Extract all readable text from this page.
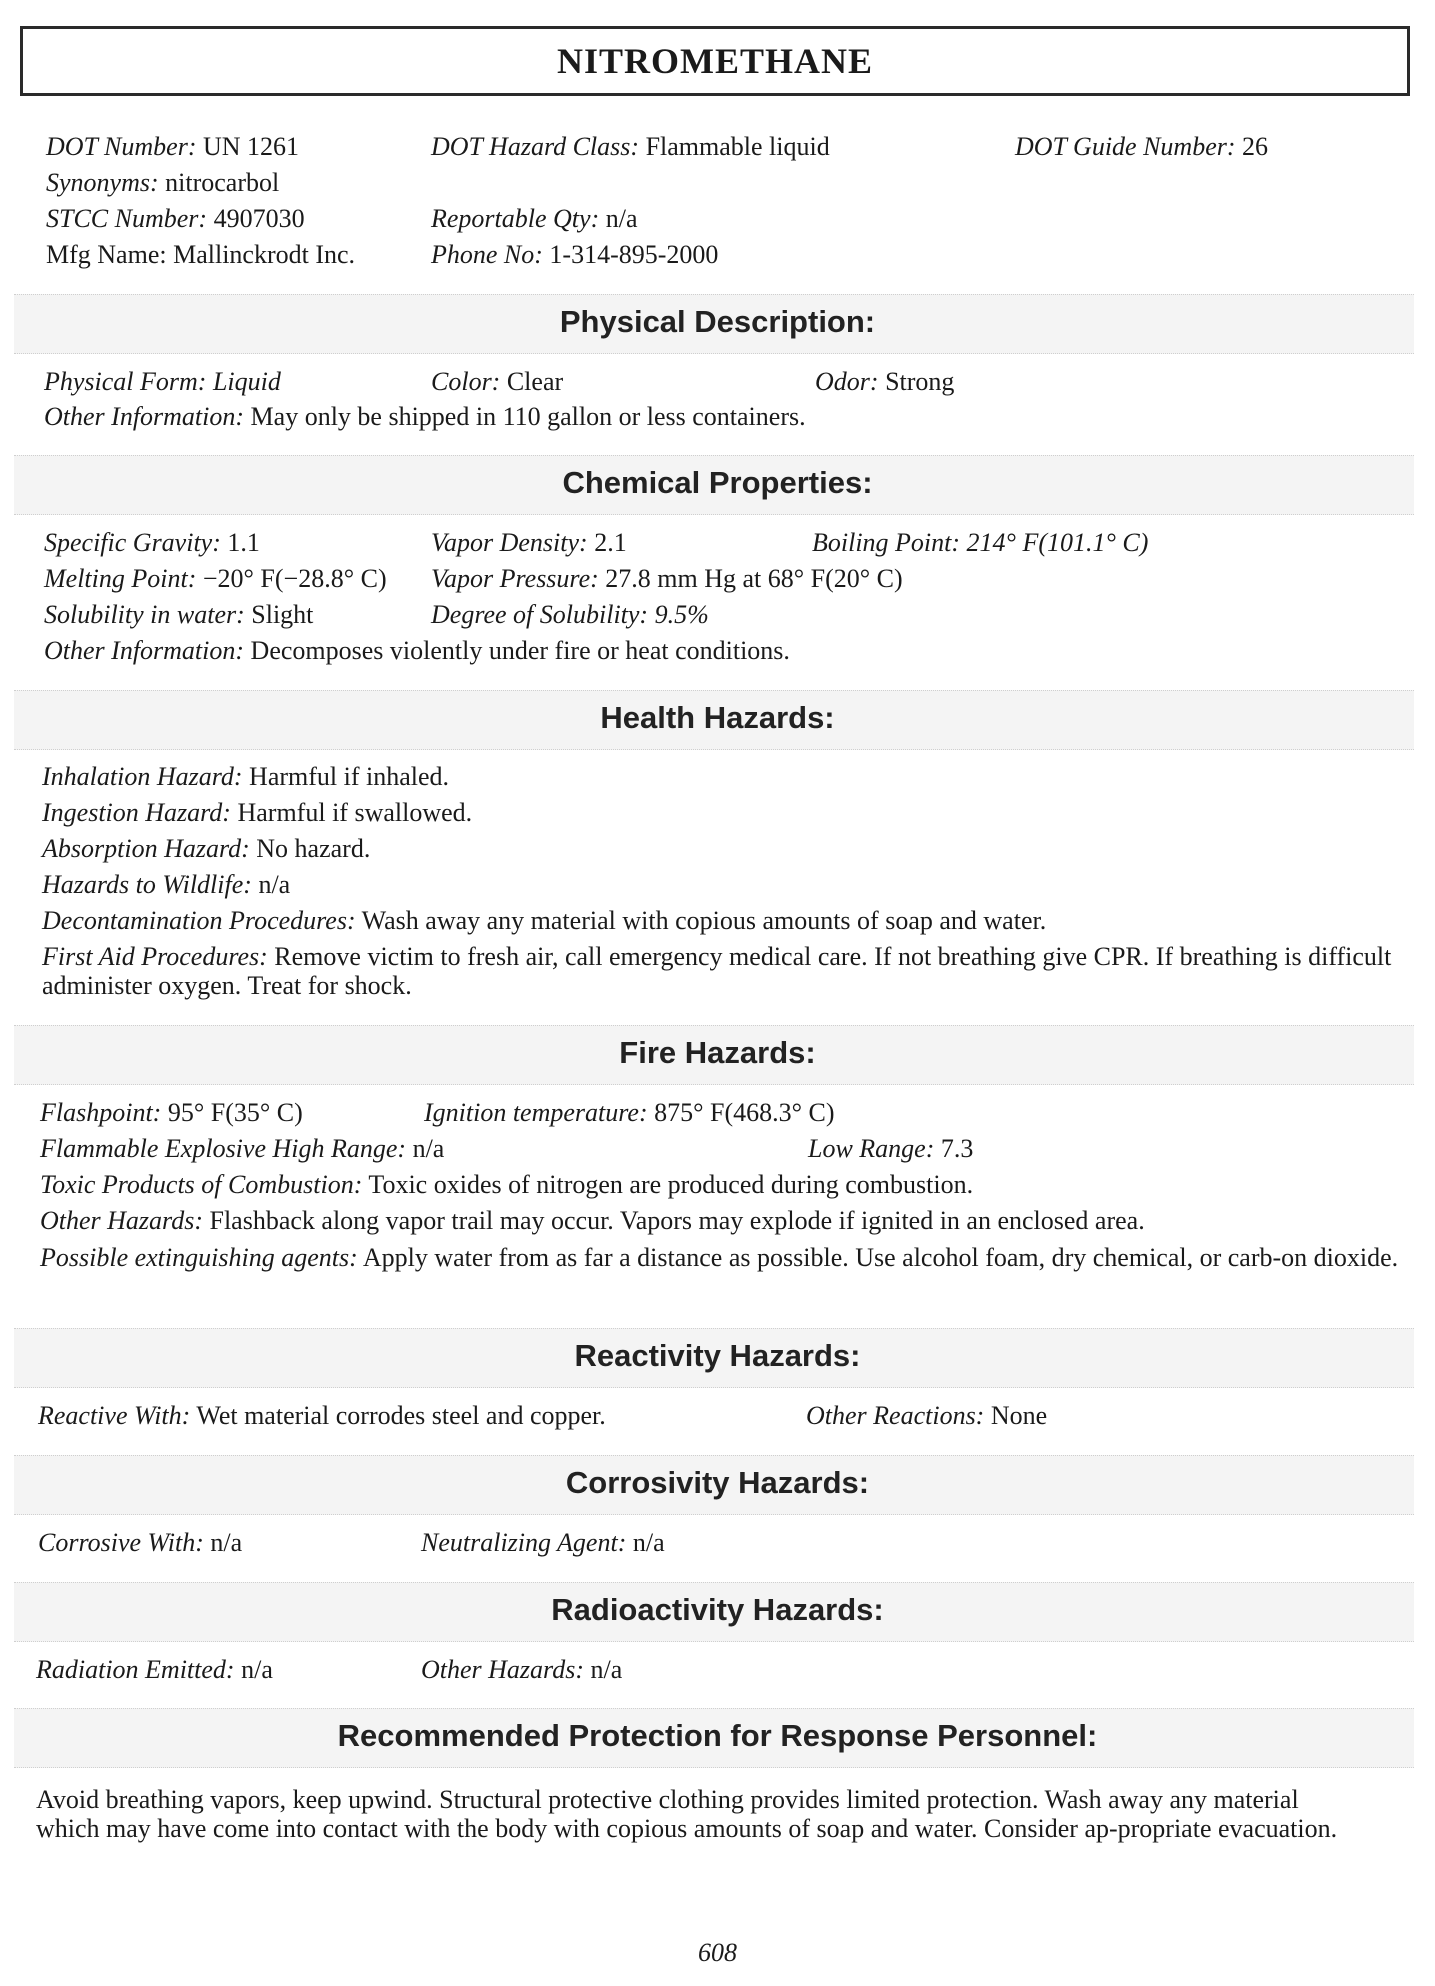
NITROMETHANE
DOT Number: UN 1261	DOT Hazard Class: Flammable liquid	DOT Guide Number: 26
Synonyms: nitrocarbol
STCC Number: 4907030	Reportable Qty: n/a
Mfg Name: Mallinckrodt Inc.	Phone No: 1-314-895-2000
Physical Description:
Physical Form: Liquid	Color: Clear	Odor: Strong
Other Information: May only be shipped in 110 gallon or less containers.
Chemical Properties:
Specific Gravity: 1.1	Vapor Density: 2.1	Boiling Point: 214° F(101.1° C)
Melting Point: −20° F(−28.8° C) Vapor Pressure: 27.8 mm Hg at 68° F(20° C)
Solubility in water: Slight	Degree of Solubility: 9.5%
Other Information: Decomposes violently under fire or heat conditions.
Health Hazards:
Inhalation Hazard: Harmful if inhaled.
Ingestion Hazard: Harmful if swallowed.
Absorption Hazard: No hazard.
Hazards to Wildlife: n/a
Decontamination Procedures: Wash away any material with copious amounts of soap and water.
First Aid Procedures: Remove victim to fresh air, call emergency medical care. If not breathing give CPR. If breathing is difficult administer oxygen. Treat for shock.
Fire Hazards:
Flashpoint: 95° F(35° C)	Ignition temperature: 875° F(468.3° C)
Flammable Explosive High Range: n/a	Low Range: 7.3
Toxic Products of Combustion: Toxic oxides of nitrogen are produced during combustion.
Other Hazards: Flashback along vapor trail may occur. Vapors may explode if ignited in an enclosed area.
Possible extinguishing agents: Apply water from as far a distance as possible. Use alcohol foam, dry chemical, or carb-on dioxide.
Reactivity Hazards:
Reactive With: Wet material corrodes steel and copper.	Other Reactions: None
Corrosivity Hazards:
Corrosive With: n/a	Neutralizing Agent: n/a
Radioactivity Hazards:
Radiation Emitted: n/a	Other Hazards: n/a
Recommended Protection for Response Personnel:
Avoid breathing vapors, keep upwind. Structural protective clothing provides limited protection. Wash away any material which may have come into contact with the body with copious amounts of soap and water. Consider ap-propriate evacuation.
608
